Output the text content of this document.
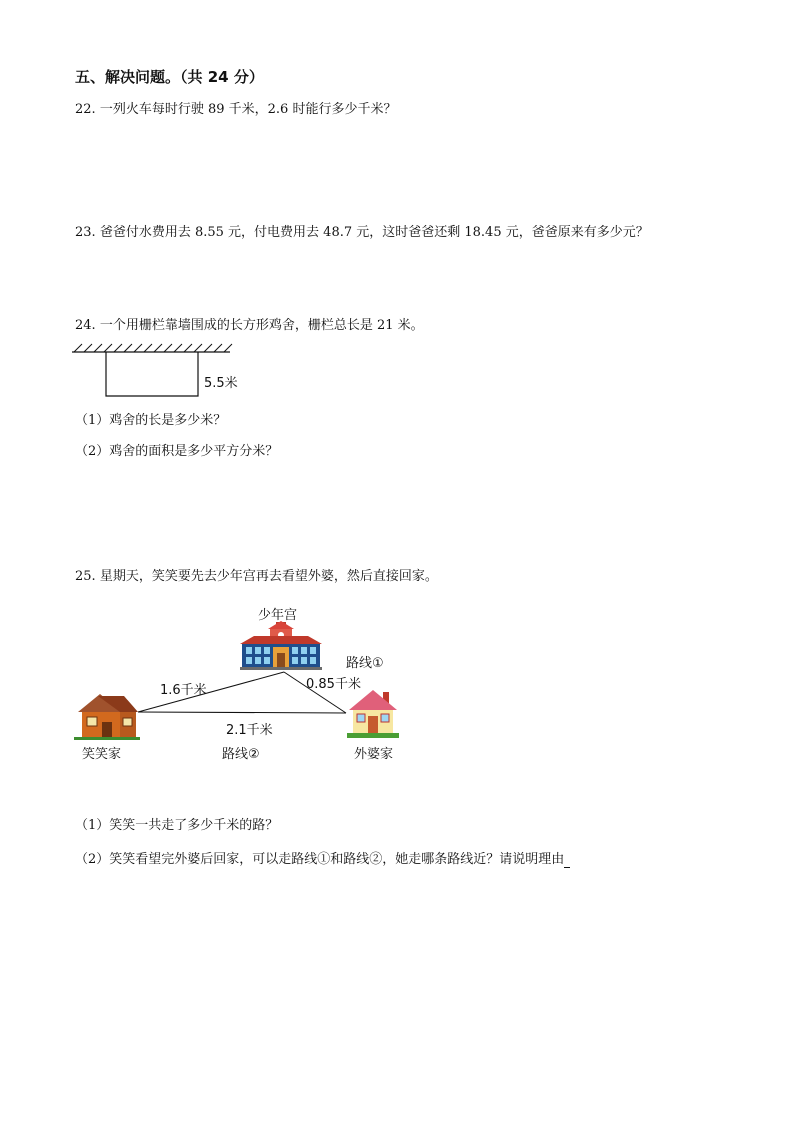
五、解决问题。（共 24 分）
22. 一列火车每时行驶 89 千米，2.6 时能行多少千米？
23. 爸爸付水费用去 8.55 元，付电费用去 48.7 元，这时爸爸还剩 18.45 元，爸爸原来有多少元？
24. 一个用栅栏靠墙围成的长方形鸡舍，栅栏总长是 21 米。
5.5米
（1）鸡舍的长是多少米？
（2）鸡舍的面积是多少平方分米？
25. 星期天，笑笑要先去少年宫再去看望外婆，然后直接回家。
少年宫
笑笑家	外婆家
路线①
1.6千米	0.85千米
2.1千米
路线②
（1）笑笑一共走了多少千米的路？
（2）笑笑看望完外婆后回家，可以走路线①和路线②，她走哪条路线近？请说明理由
